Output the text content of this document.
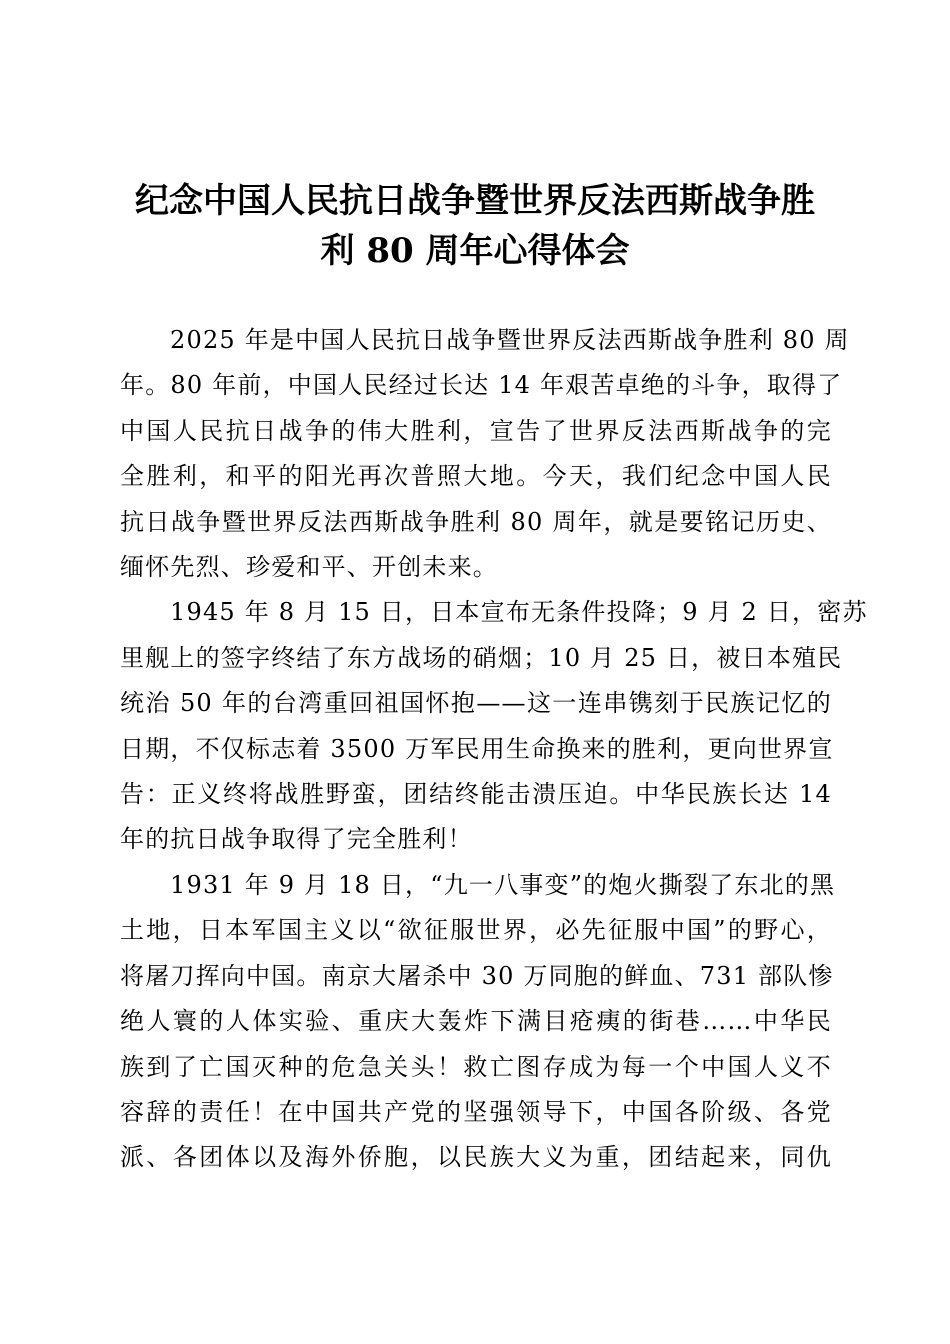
纪念中国人民抗日战争暨世界反法西斯战争胜
利 80 周年心得体会

2025 年是中国人民抗日战争暨世界反法西斯战争胜利 80 周
年。80 年前，中国人民经过长达 14 年艰苦卓绝的斗争，取得了
中国人民抗日战争的伟大胜利，宣告了世界反法西斯战争的完
全胜利，和平的阳光再次普照大地。今天，我们纪念中国人民
抗日战争暨世界反法西斯战争胜利 80 周年，就是要铭记历史、
缅怀先烈、珍爱和平、开创未来。

1945 年 8 月 15 日，日本宣布无条件投降；9 月 2 日，密苏
里舰上的签字终结了东方战场的硝烟；10 月 25 日，被日本殖民
统治 50 年的台湾重回祖国怀抱——这一连串镌刻于民族记忆的
日期，不仅标志着 3500 万军民用生命换来的胜利，更向世界宣
告：正义终将战胜野蛮，团结终能击溃压迫。中华民族长达 14
年的抗日战争取得了完全胜利！

1931 年 9 月 18 日，“九一八事变”的炮火撕裂了东北的黑
土地，日本军国主义以“欲征服世界，必先征服中国”的野心，
将屠刀挥向中国。南京大屠杀中 30 万同胞的鲜血、731 部队惨
绝人寰的人体实验、重庆大轰炸下满目疮痍的街巷……中华民
族到了亡国灭种的危急关头！救亡图存成为每一个中国人义不
容辞的责任！在中国共产党的坚强领导下，中国各阶级、各党
派、各团体以及海外侨胞，以民族大义为重，团结起来，同仇
